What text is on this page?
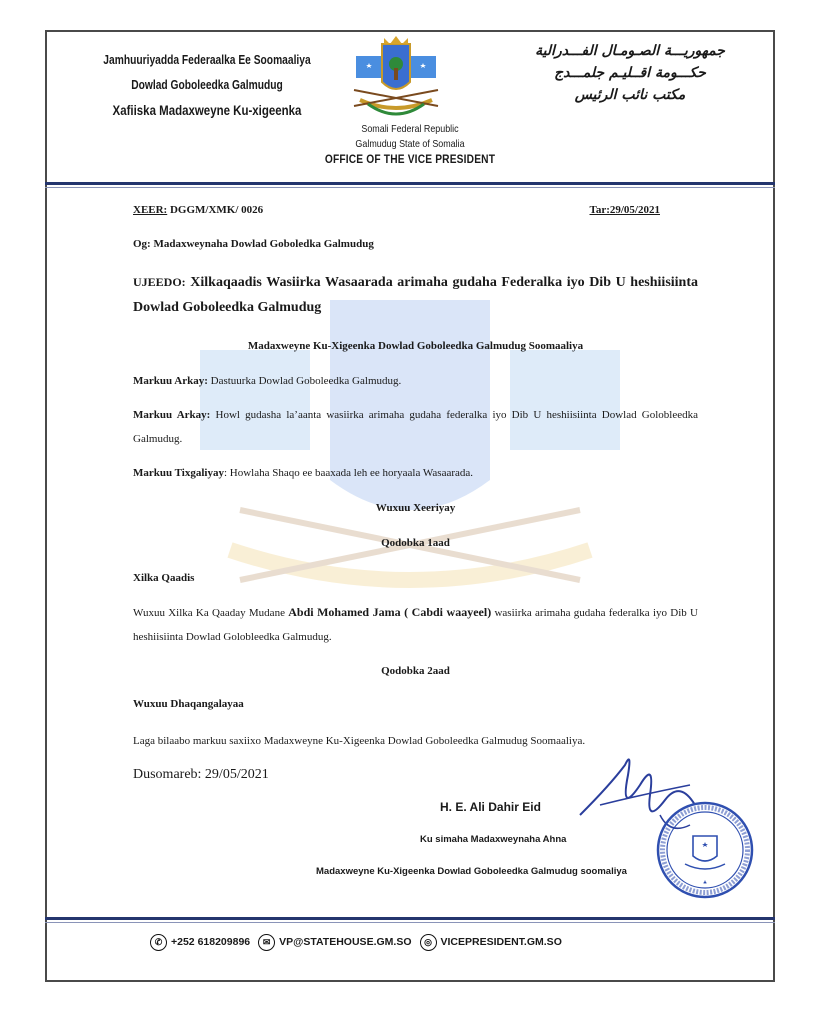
Jamhuuriyadda Federaalka Ee Soomaaliya
Dowlad Goboleedka Galmudug
Xafiiska Madaxweyne Ku-xigeenka
جمهوريـــة الصـومـال الفـــدرالية
حكـــومة اقــليـم جلمـــدج
مكتب نائب الرئيس
Somali Federal Republic
Galmudug State of Somalia
OFFICE OF THE VICE PRESIDENT
XEER: DGGM/XMK/ 0026	Tar:29/05/2021
Og: Madaxweynaha Dowlad Goboledka Galmudug
UJEEDO: Xilkaqaadis Wasiirka Wasaarada arimaha gudaha Federalka iyo Dib U heshiisiinta Dowlad Goboleedka Galmudug
Madaxweyne Ku-Xigeenka Dowlad Goboleedka Galmudug Soomaaliya
Markuu Arkay: Dastuurka Dowlad Goboleedka Galmudug.
Markuu Arkay: Howl gudasha la’aanta wasiirka arimaha gudaha federalka iyo Dib U heshiisiinta Dowlad Golobleedka Galmudug.
Markuu Tixgaliyay: Howlaha Shaqo ee baaxada leh ee horyaala Wasaarada.
Wuxuu Xeeriyay
Qodobka 1aad
Xilka Qaadis
Wuxuu Xilka Ka Qaaday Mudane Abdi Mohamed Jama ( Cabdi waayeel) wasiirka arimaha gudaha federalka iyo Dib U heshiisiinta Dowlad Golobleedka Galmudug.
Qodobka 2aad
Wuxuu Dhaqangalayaa
Laga bilaabo markuu saxiixo Madaxweyne Ku-Xigeenka Dowlad Goboleedka Galmudug Soomaaliya.
Dusomareb: 29/05/2021
H. E. Ali Dahir Eid
Ku simaha Madaxweynaha Ahna
Madaxweyne Ku-Xigeenka Dowlad Goboleedka Galmudug soomaliya
✆ +252 618209896	✉ VP@STATEHOUSE.GM.SO	◎ VICEPRESIDENT.GM.SO
